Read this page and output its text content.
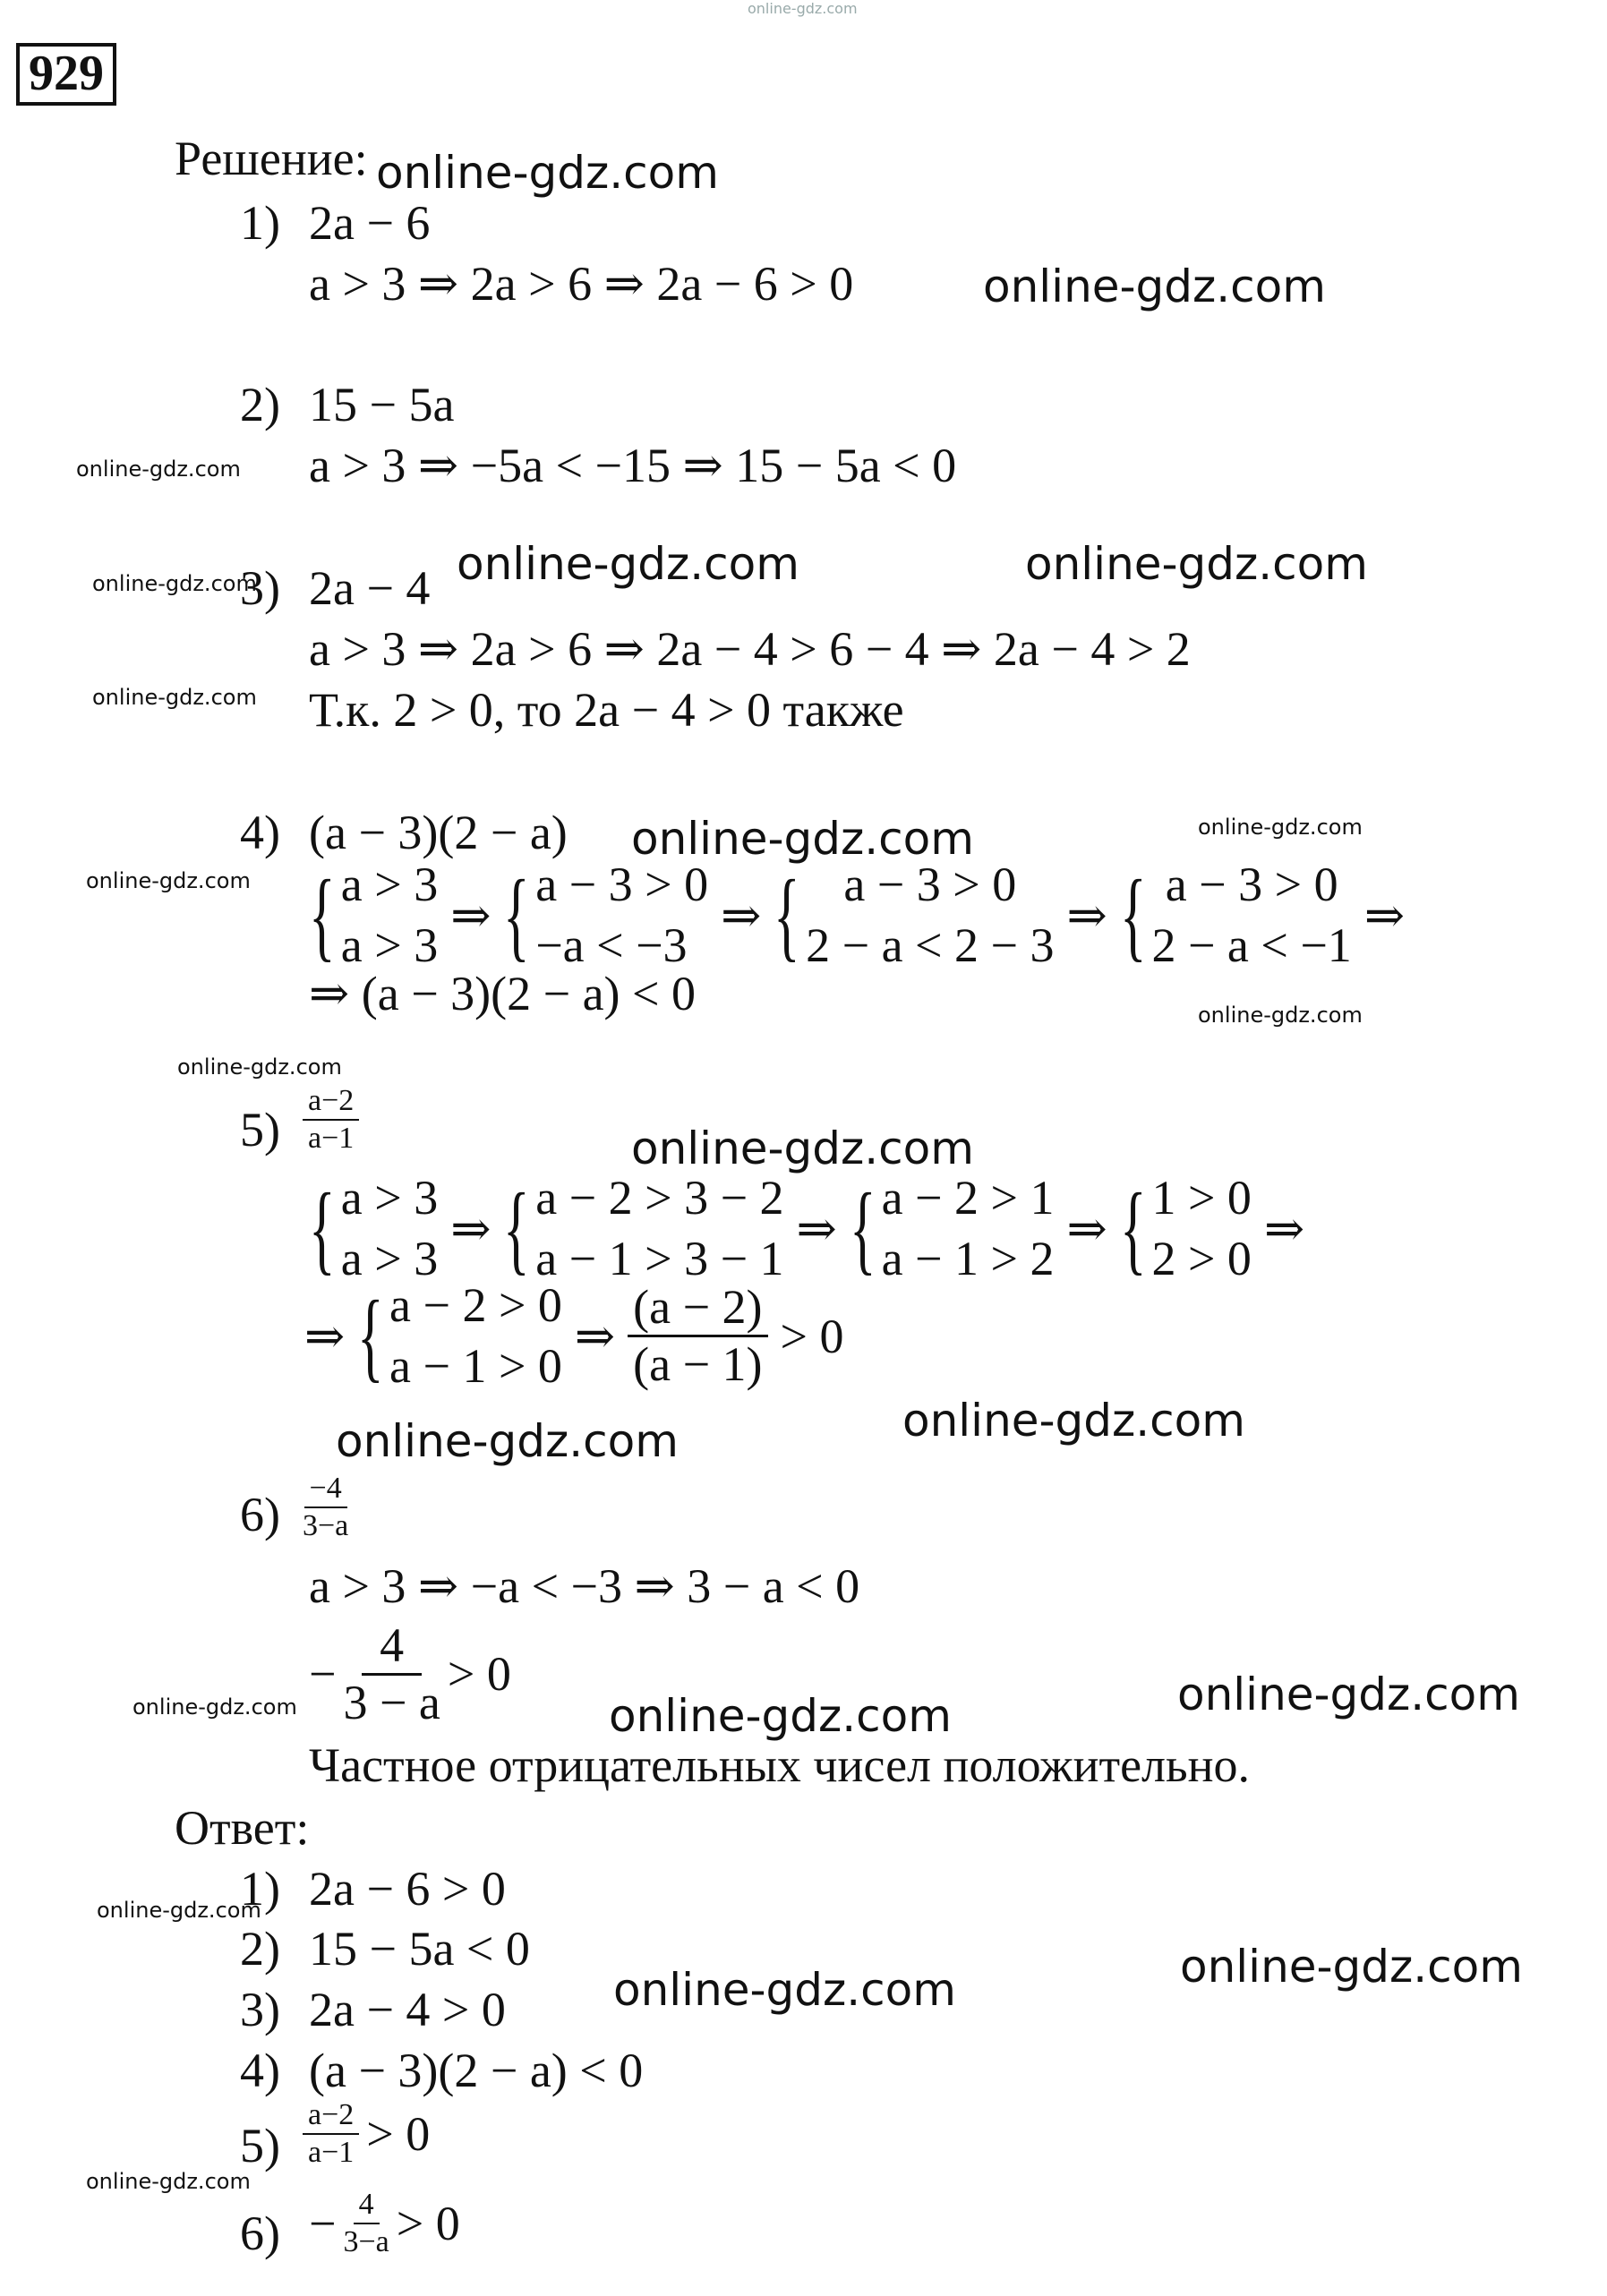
online-gdz.com
929
Решение:
1) 2a − 6
a > 3 ⇒ 2a > 6 ⇒ 2a − 6 > 0
2) 15 − 5a
a > 3 ⇒ −5a < −15 ⇒ 15 − 5a < 0
3) 2a − 4
a > 3 ⇒ 2a > 6 ⇒ 2a − 4 > 6 − 4 ⇒ 2a − 4 > 2
Т.к. 2 > 0, то 2a − 4 > 0 также
4) (a − 3)(2 − a)
{ a > 3
a > 3
⇒ { a − 3 > 0
−a < −3
⇒ { a − 3 > 0
2 − a < 2 − 3
⇒ { a − 3 > 0
2 − a < −1
⇒
⇒ (a − 3)(2 − a) < 0
$5) \frac{a-2}{a-1}$
{ a > 3
a > 3
⇒ { a − 2 > 3 − 2
a − 1 > 3 − 1
⇒ { a − 2 > 1
a − 1 > 2
⇒ { 1 > 0
2 > 0
⇒
⇒ { a − 2 > 0
a − 1 > 0
⇒ $\frac{(a - 2)}{(a - 1)} > 0$
$6) \frac{-4}{3-a}$
a > 3 ⇒ −a < −3 ⇒ 3 − a < 0
− $\frac{4}{3 - a} > 0$
Частное отрицательных чисел положительно.
Ответ:
1) 2a − 6 > 0
2) 15 − 5a < 0
3) 2a − 4 > 0
4) (a − 3)(2 − a) < 0
$5) \frac{a-2}{a-1} > 0$
$6) - \frac{4}{3-a} > 0$
online-gdz.com
online-gdz.com
online-gdz.com	online-gdz.com
online-gdz.com
online-gdz.com
online-gdz.com
online-gdz.com
online-gdz.com
online-gdz.com
online-gdz.com	online-gdz.com
online-gdz.com
online-gdz.com
online-gdz.com
online-gdz.com
online-gdz.com
online-gdz.com
online-gdz.com
online-gdz.com
online-gdz.com
online-gdz.com
